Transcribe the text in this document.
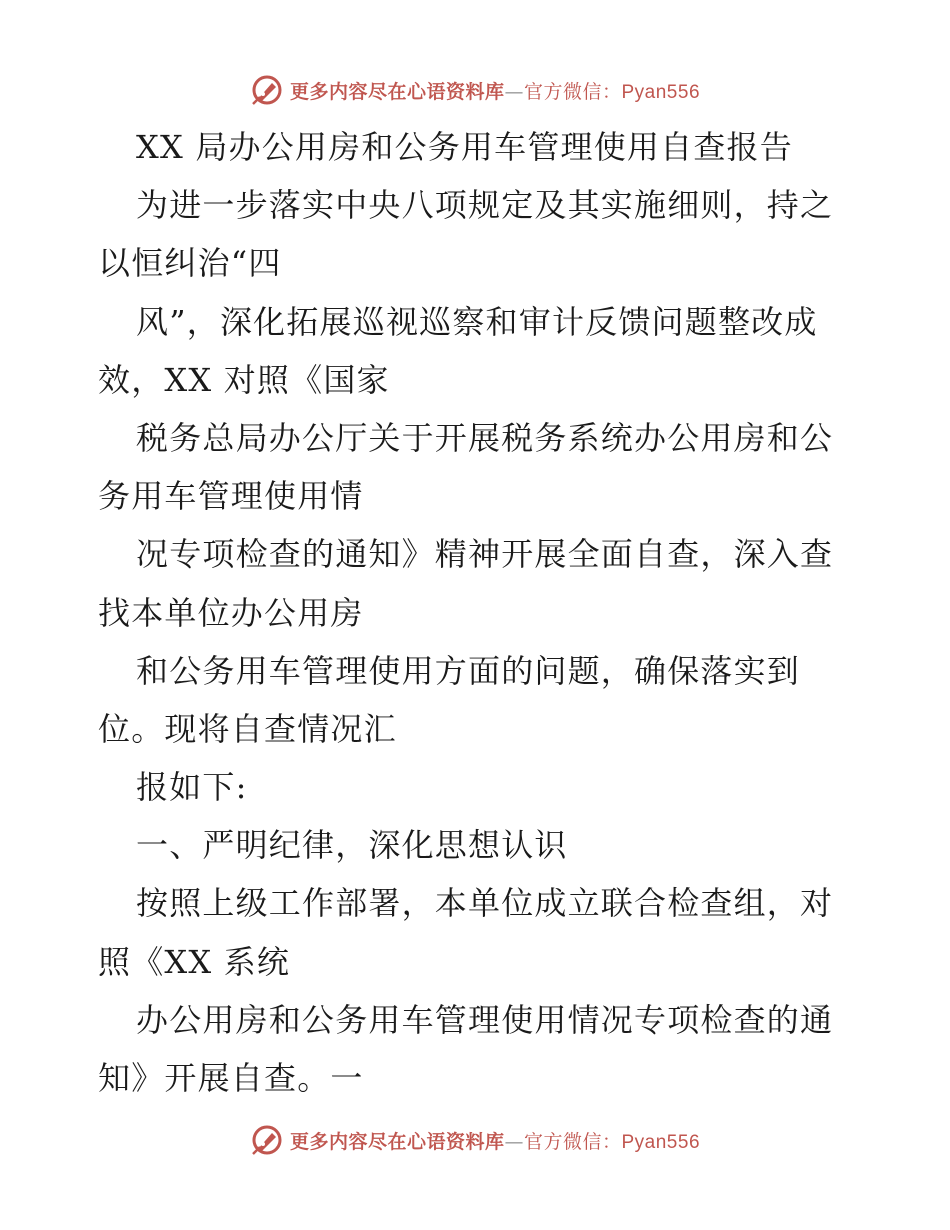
更多内容尽在心语资料库—官方微信：Pyan556
XX 局办公用房和公务用车管理使用自查报告
为进一步落实中央八项规定及其实施细则，持之
以恒纠治“四
风”，深化拓展巡视巡察和审计反馈问题整改成
效，XX 对照《国家
税务总局办公厅关于开展税务系统办公用房和公
务用车管理使用情
况专项检查的通知》精神开展全面自查，深入查
找本单位办公用房
和公务用车管理使用方面的问题，确保落实到
位。现将自查情况汇
报如下:
一、严明纪律，深化思想认识
按照上级工作部署，本单位成立联合检查组，对
照《XX 系统
办公用房和公务用车管理使用情况专项检查的通
知》开展自查。一
更多内容尽在心语资料库—官方微信：Pyan556
